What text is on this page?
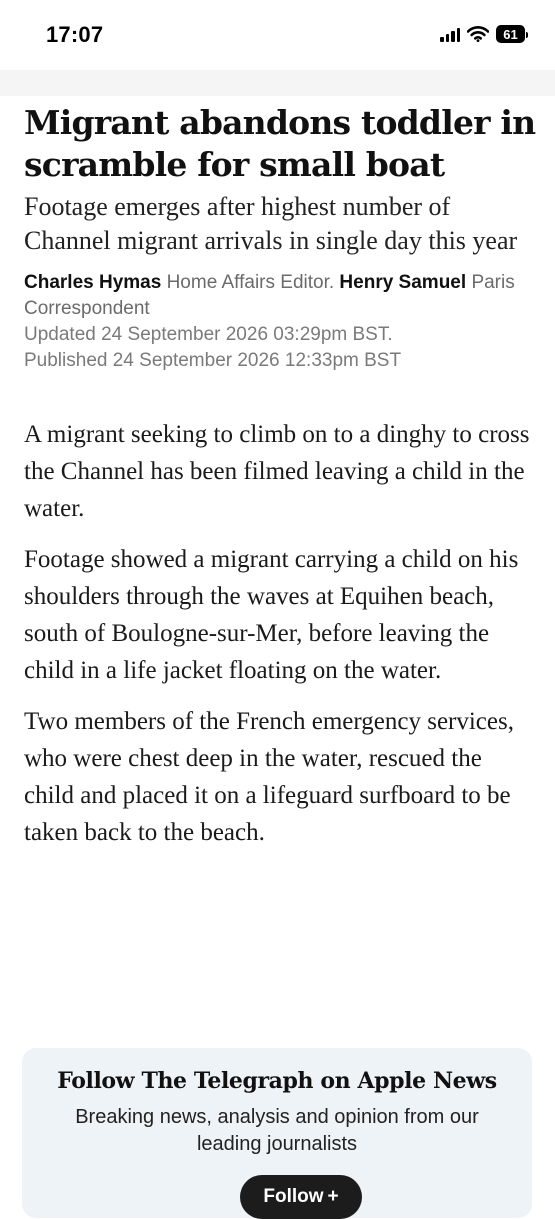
17:07	61
Migrant abandons toddler in scramble for small boat

Footage emerges after highest number of Channel migrant arrivals in single day this year

Charles Hymas Home Affairs Editor. Henry Samuel Paris Correspondent

Updated 24 September 2026 03:29pm BST.

Published 24 September 2026 12:33pm BST

A migrant seeking to climb on to a dinghy to cross the Channel has been filmed leaving a child in the water.

Footage showed a migrant carrying a child on his shoulders through the waves at Equihen beach, south of Boulogne-sur-Mer, before leaving the child in a life jacket floating on the water.

Two members of the French emergency services, who were chest deep in the water, rescued the child and placed it on a lifeguard surfboard to be taken back to the beach.

Follow The Telegraph on Apple News

Breaking news, analysis and opinion from our leading journalists

Follow +
